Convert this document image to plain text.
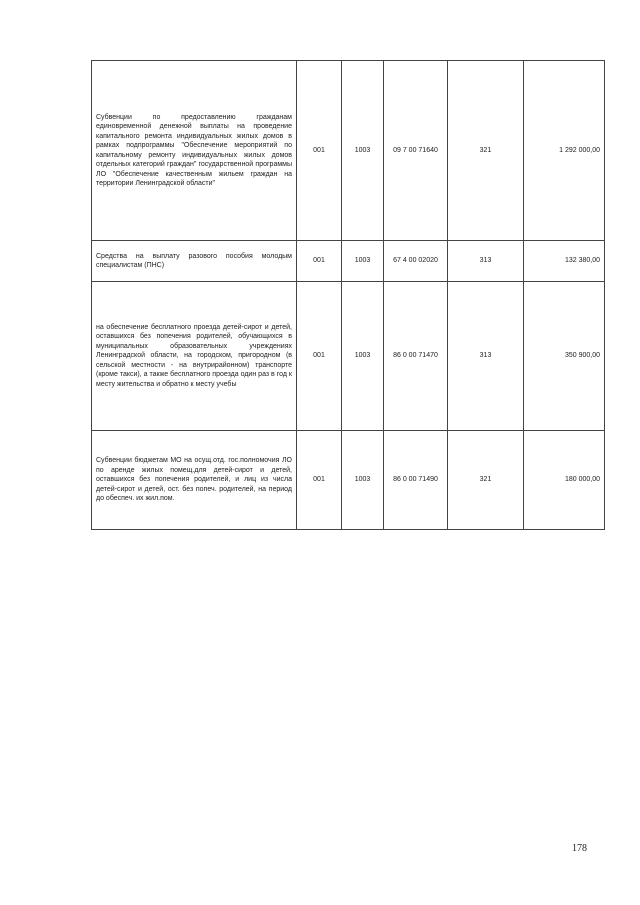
Субвенции по предоставлению гражданам единовременной денежной выплаты на проведение капитального ремонта индивидуальных жилых домов в рамках подпрограммы "Обеспечение мероприятий по капитальному ремонту индивидуальных жилых домов отдельных категорий граждан" государственной программы ЛО "Обеспечение качественным жильем граждан на территории Ленинградской области"	001	1003	09 7 00 71640	321	1 292 000,00
Средства на выплату разового пособия молодым специалистам (ПНС)	001	1003	67 4 00 02020	313	132 380,00
на обеспечение бесплатного проезда детей-сирот и детей, оставшихся без попечения родителей, обучающихся в муниципальных образовательных учреждениях Ленинградской области, на городском, пригородном (в сельской местности - на внутрирайонном) транспорте (кроме такси), а также бесплатного проезда один раз в год к месту жительства и обратно к месту учебы	001	1003	86 0 00 71470	313	350 900,00
Субвенции бюджетам МО на осущ.отд. гос.полномочия ЛО по аренде жилых помещ.для детей-сирот и детей, оставшихся без попечения родителей, и лиц из числа детей-сирот и детей, ост. без попеч. родителей, на период до обеспеч. их жил.пом.	001	1003	86 0 00 71490	321	180 000,00
178
